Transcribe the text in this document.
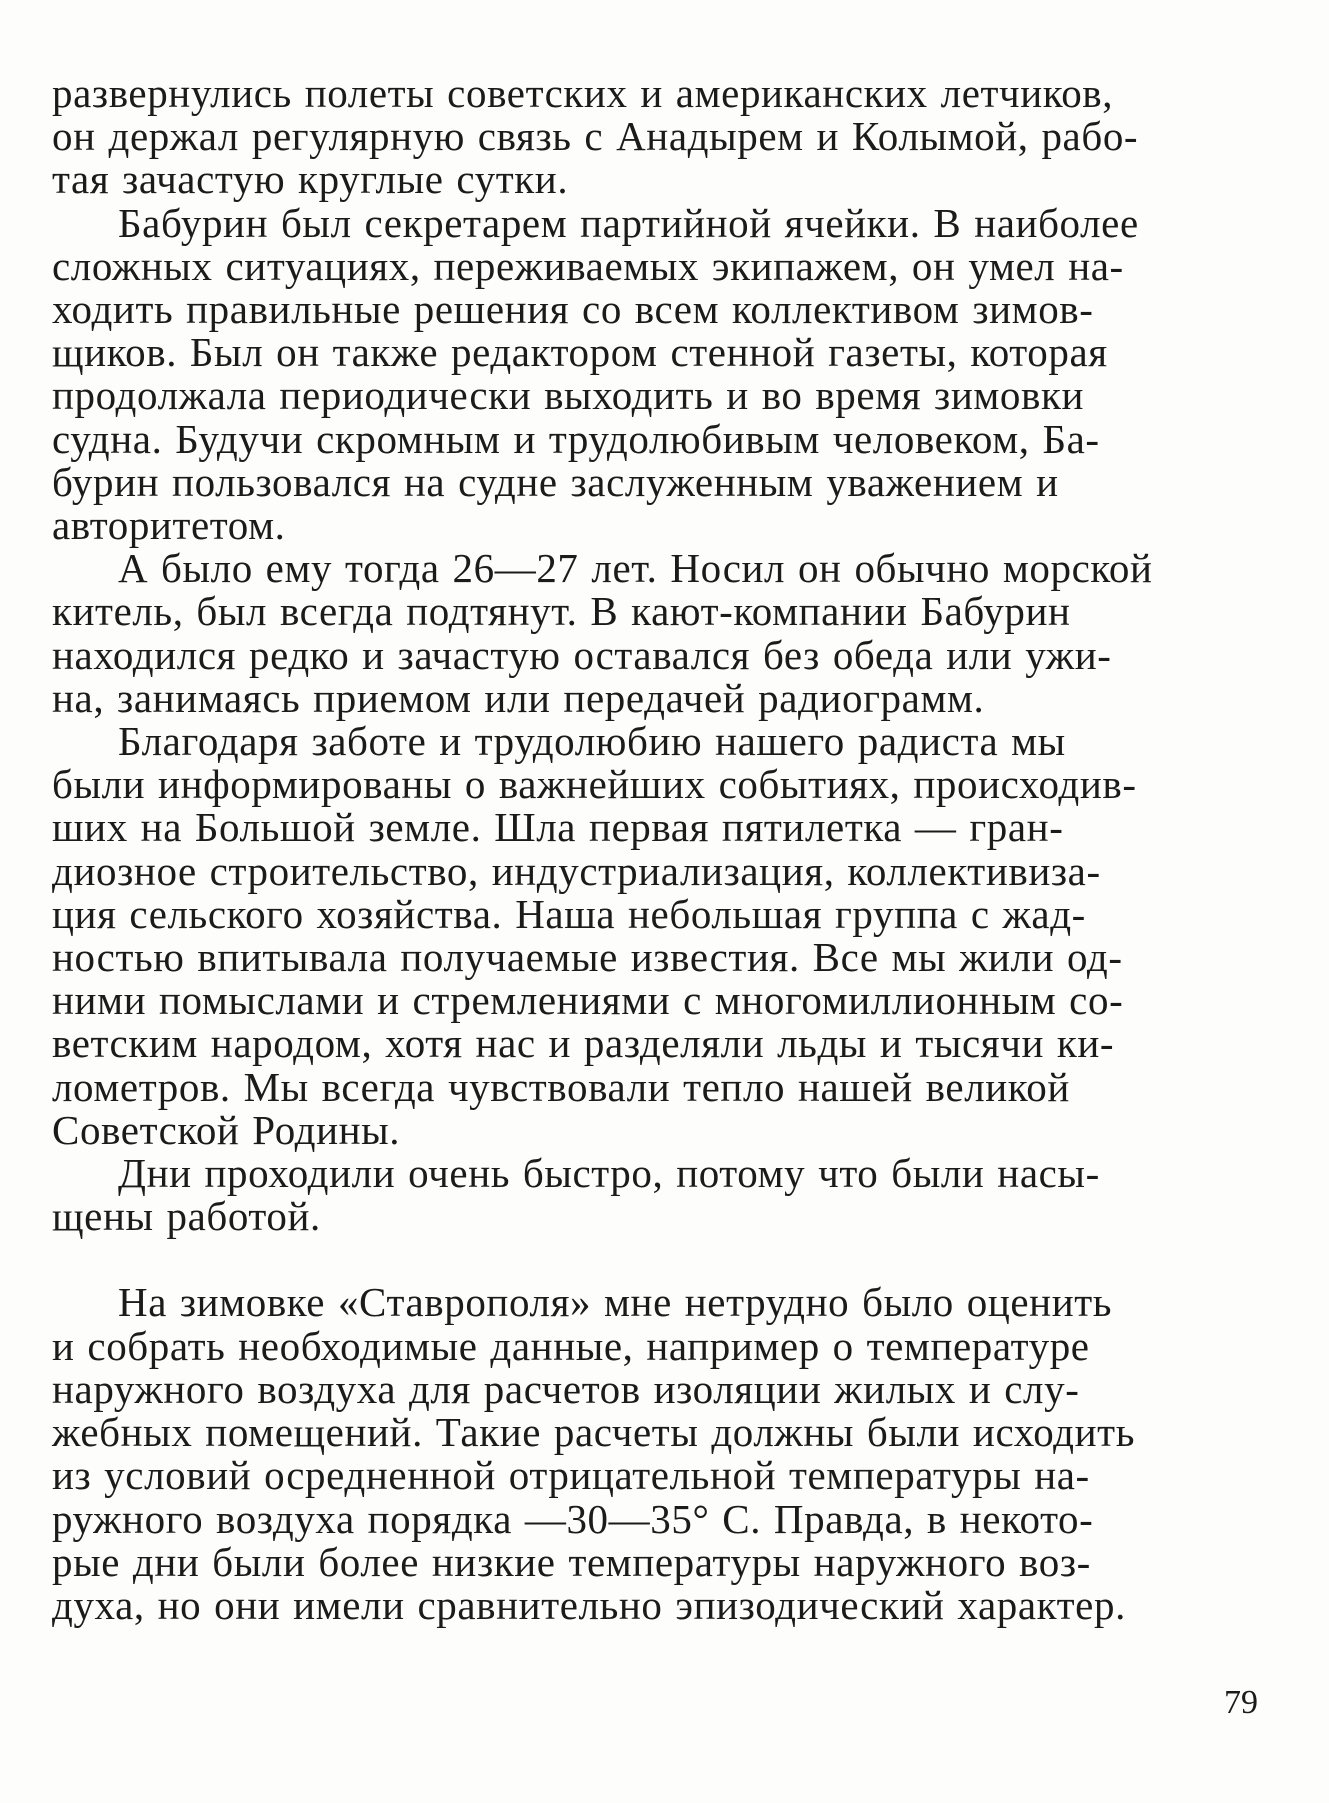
развернулись полеты советских и американских летчиков,
он держал регулярную связь с Анадырем и Колымой, рабо-
тая зачастую круглые сутки.

Бабурин был секретарем партийной ячейки. В наиболее
сложных ситуациях, переживаемых экипажем, он умел на-
ходить правильные решения со всем коллективом зимов-
щиков. Был он также редактором стенной газеты, которая
продолжала периодически выходить и во время зимовки
судна. Будучи скромным и трудолюбивым человеком, Ба-
бурин пользовался на судне заслуженным уважением и
авторитетом.

А было ему тогда 26—27 лет. Носил он обычно морской
китель, был всегда подтянут. В кают-компании Бабурин
находился редко и зачастую оставался без обеда или ужи-
на, занимаясь приемом или передачей радиограмм.

Благодаря заботе и трудолюбию нашего радиста мы
были информированы о важнейших событиях, происходив-
ших на Большой земле. Шла первая пятилетка — гран-
диозное строительство, индустриализация, коллективиза-
ция сельского хозяйства. Наша небольшая группа с жад-
ностью впитывала получаемые известия. Все мы жили од-
ними помыслами и стремлениями с многомиллионным со-
ветским народом, хотя нас и разделяли льды и тысячи ки-
лометров. Мы всегда чувствовали тепло нашей великой
Советской Родины.

Дни проходили очень быстро, потому что были насы-
щены работой.

На зимовке «Ставрополя» мне нетрудно было оценить
и собрать необходимые данные, например о температуре
наружного воздуха для расчетов изоляции жилых и слу-
жебных помещений. Такие расчеты должны были исходить
из условий осредненной отрицательной температуры на-
ружного воздуха порядка —30—35° С. Правда, в некото-
рые дни были более низкие температуры наружного воз-
духа, но они имели сравнительно эпизодический характер.

79
